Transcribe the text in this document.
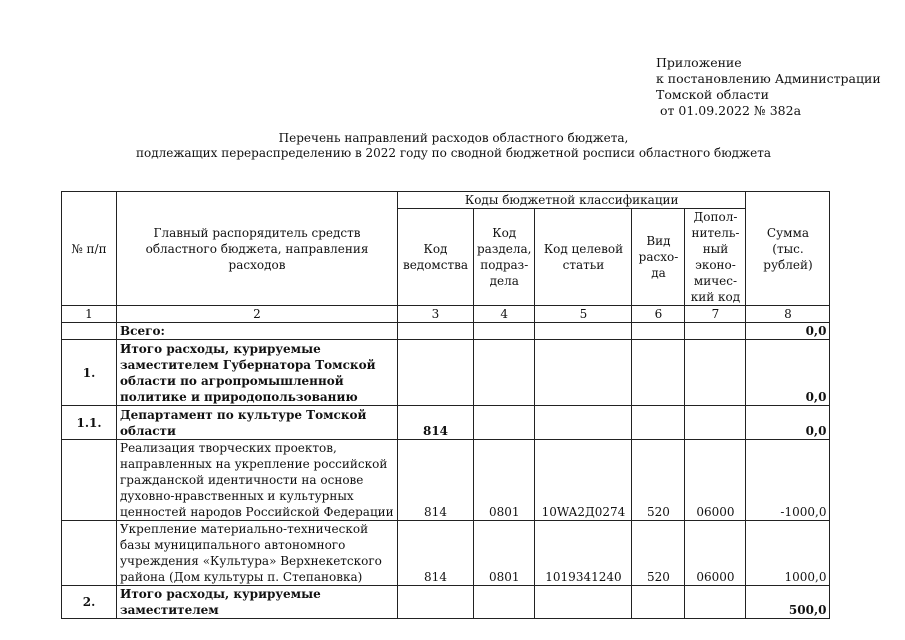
Приложение
к постановлению Администрации
Томской области
от 01.09.2022 № 382а
Перечень направлений расходов областного бюджета,
подлежащих перераспределению в 2022 году по сводной бюджетной росписи областного бюджета
№ п/п	Главный распорядитель средств областного бюджета, направления расходов	Коды бюджетной классификации					Сумма (тыс. рублей)
		Код ведомства	Код раздела, подраз-дела	Код целевой статьи	Вид расхо-да	Допол-нитель-ный эконо-мичес-кий код	
1	2	3	4	5	6	7	8
	Всего:						0,0
1.	Итого расходы, курируемые заместителем Губернатора Томской области по агропромышленной политике и природопользованию						0,0
1.1.	Департамент по культуре Томской области	814					0,0
	Реализация творческих проектов, направленных на укрепление российской гражданской идентичности на основе духовно-нравственных и культурных ценностей народов Российской Федерации	814	0801	10WA2Д0274	520	06000	-1000,0
	Укрепление материально-технической базы муниципального автономного учреждения «Культура» Верхнекетского района (Дом культуры п. Степановка)	814	0801	1019341240	520	06000	1000,0
2.	Итого расходы, курируемые заместителем						500,0
